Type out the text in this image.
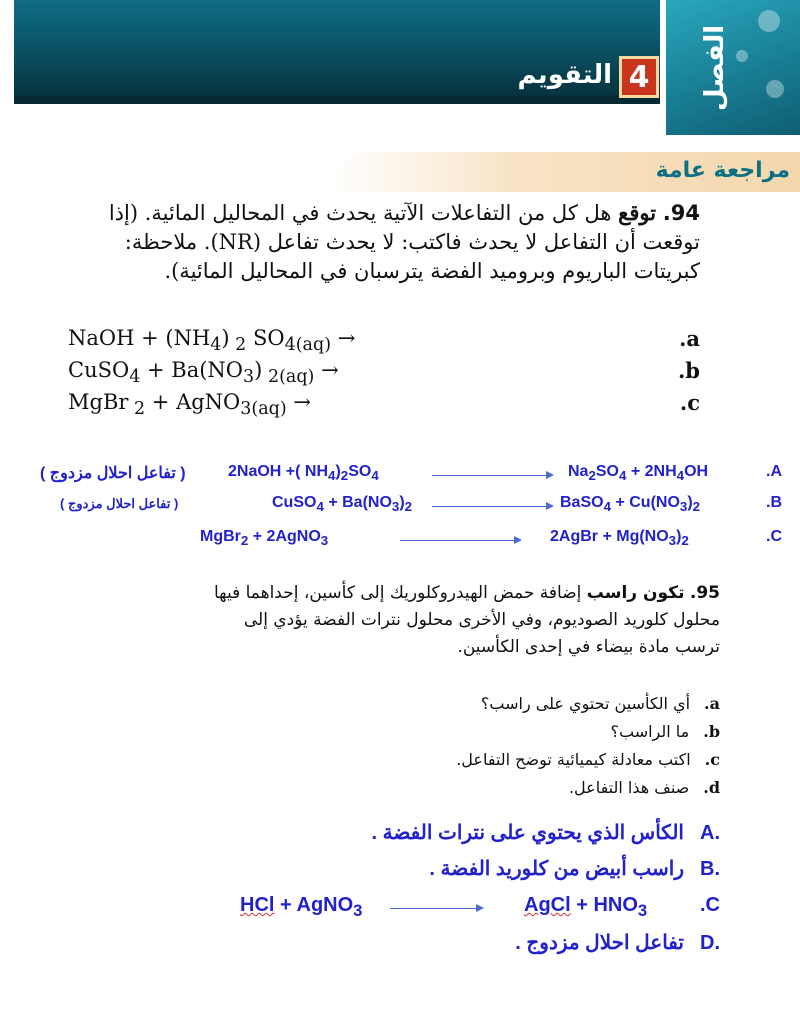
الفصل
4
التقويم
مراجعة عامة
94. توقع هل كل من التفاعلات الآتية يحدث في المحاليل المائية. (إذا توقعت أن التفاعل لا يحدث فاكتب: لا يحدث تفاعل (NR). ملاحظة: كبريتات الباريوم وبروميد الفضة يترسبان في المحاليل المائية).
NaOH + $(NH_4)$ $_2$ $SO_{4(aq)}$ →	.a
CuSO$_4$ + $Ba(NO_3) _{2(aq)}$ →	.b
MgBr $_2$ + AgNO$_{3(aq)}$ →	.c
( تفاعل احلال مزدوج )	2NaOH +( $NH_4)_2SO_4$	$Na_2SO_4 + 2NH_4OH$	.A
( تفاعل احلال مزدوج )	CuSO$_4$ + $Ba(NO_3)_2$	BaSO$_4$ + $Cu(NO_3)_2$	.B
MgBr$_2$ + 2AgNO$_3$	2AgBr + $Mg(NO_3)_2$	.C
95. تكون راسب إضافة حمض الهيدروكلوريك إلى كأسين، إحداهما فيها محلول كلوريد الصوديوم، وفي الأخرى محلول نترات الفضة يؤدي إلى ترسب مادة بيضاء في إحدى الكأسين.
a.أي الكأسين تحتوي على راسب؟
b.ما الراسب؟
c.اكتب معادلة كيميائية توضح التفاعل.
d.صنف هذا التفاعل.
.Aالكأس الذي يحتوي على نترات الفضة .
.Bراسب أبيض من كلوريد الفضة .
HCl + AgNO$_3$	AgCl + $HNO_3$	.C
.Dتفاعل احلال مزدوج .
